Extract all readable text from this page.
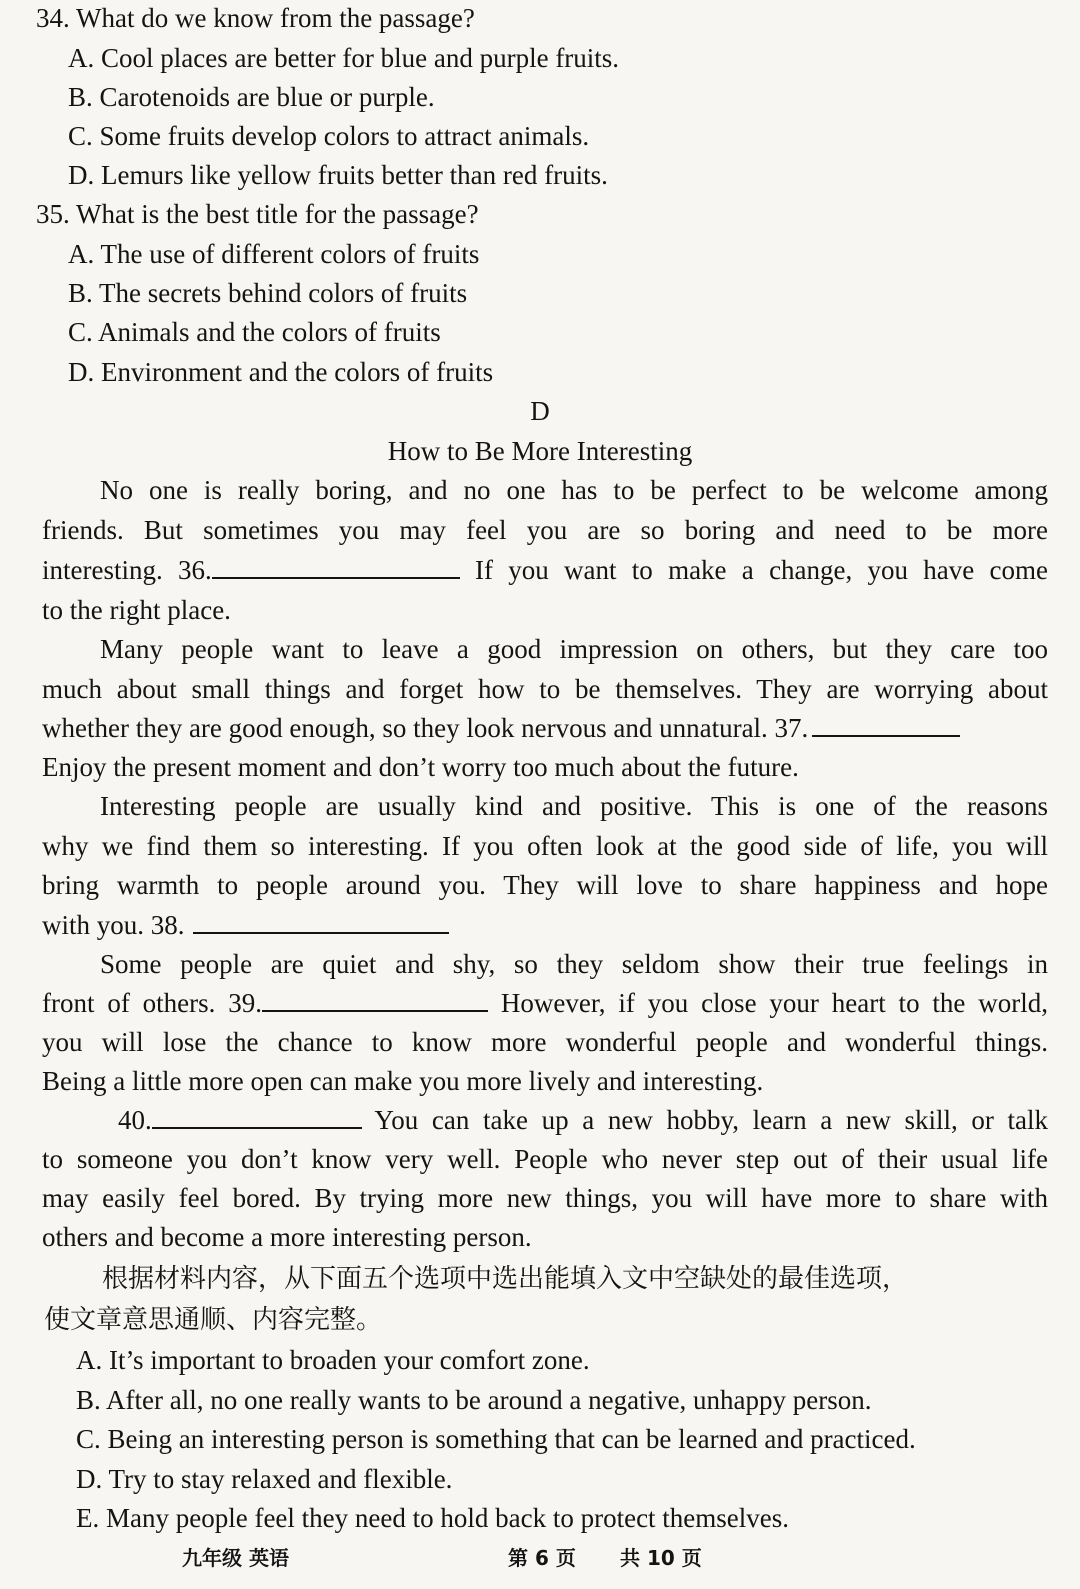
34. What do we know from the passage?
A. Cool places are better for blue and purple fruits.
B. Carotenoids are blue or purple.
C. Some fruits develop colors to attract animals.
D. Lemurs like yellow fruits better than red fruits.
35. What is the best title for the passage?
A. The use of different colors of fruits
B. The secrets behind colors of fruits
C. Animals and the colors of fruits
D. Environment and the colors of fruits
D
How to Be More Interesting
No one is really boring, and no one has to be perfect to be welcome among
friends. But sometimes you may feel you are so boring and need to be more
interesting. 36.	If you want to make a change, you have come
to the right place.
Many people want to leave a good impression on others, but they care too
much about small things and forget how to be themselves. They are worrying about
whether they are good enough, so they look nervous and unnatural. 37.
Enjoy the present moment and don’t worry too much about the future.
Interesting people are usually kind and positive. This is one of the reasons
why we find them so interesting. If you often look at the good side of life, you will
bring warmth to people around you. They will love to share happiness and hope
with you. 38.
Some people are quiet and shy, so they seldom show their true feelings in
front of others. 39.	However, if you close your heart to the world,
you will lose the chance to know more wonderful people and wonderful things.
Being a little more open can make you more lively and interesting.
40.	You can take up a new hobby, learn a new skill, or talk
to someone you don’t know very well. People who never step out of their usual life
may easily feel bored. By trying more new things, you will have more to share with
others and become a more interesting person.
根据材料内容，从下面五个选项中选出能填入文中空缺处的最佳选项，
使文章意思通顺、内容完整。
A. It’s important to broaden your comfort zone.
B. After all, no one really wants to be around a negative, unhappy person.
C. Being an interesting person is something that can be learned and practiced.
D. Try to stay relaxed and flexible.
E. Many people feel they need to hold back to protect themselves.
九年级 英语	第 6 页 共 10 页
